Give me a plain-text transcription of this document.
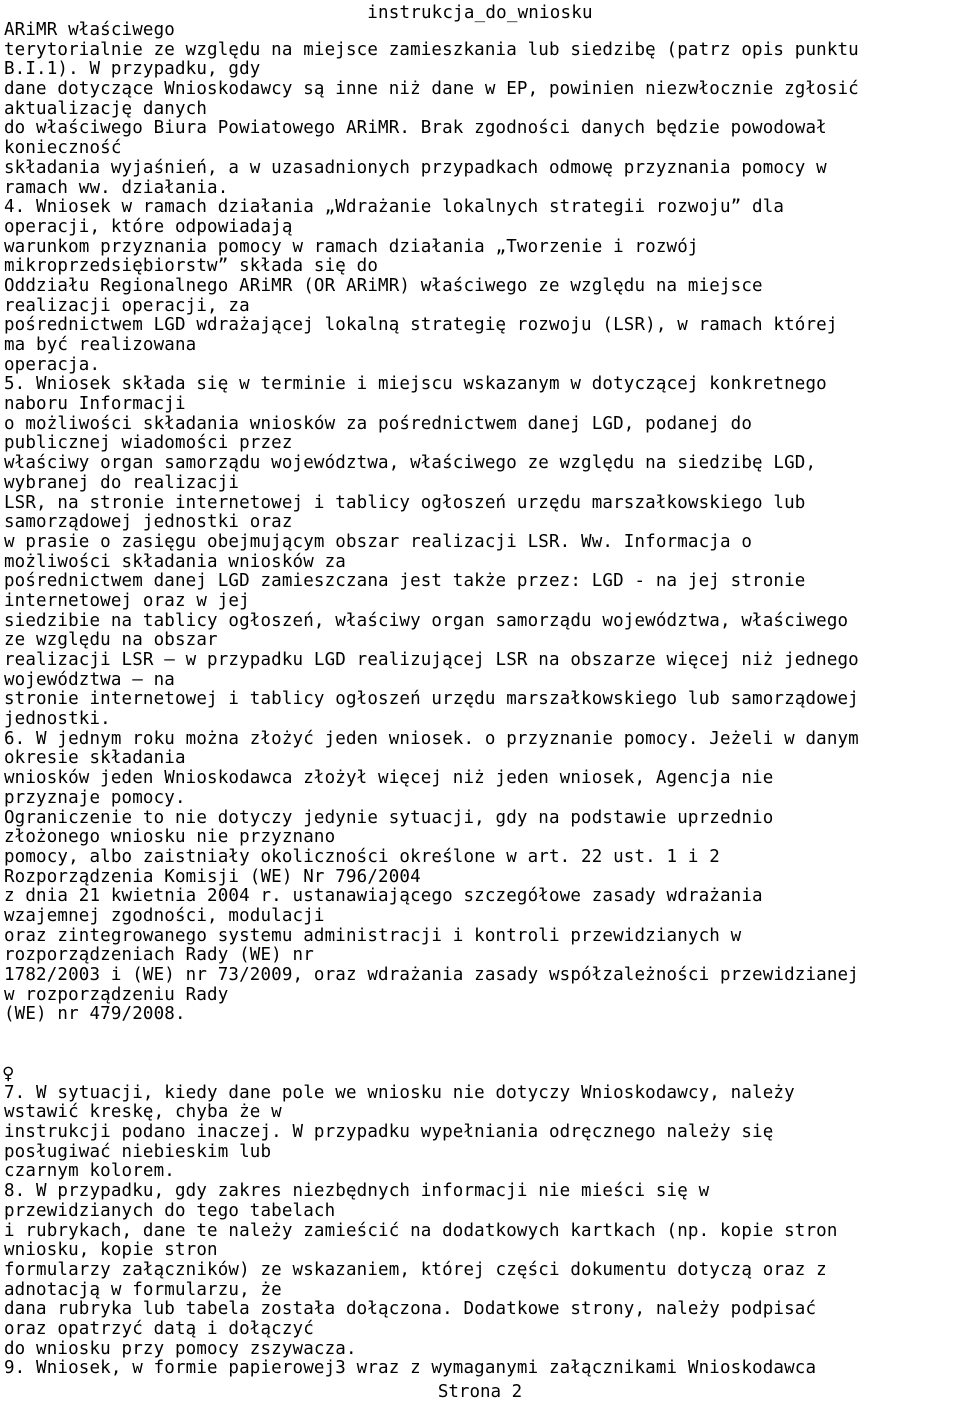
instrukcja_do_wniosku
ARiMR właściwego
terytorialnie ze względu na miejsce zamieszkania lub siedzibę (patrz opis punktu
B.I.1). W przypadku, gdy
dane dotyczące Wnioskodawcy są inne niż dane w EP, powinien niezwłocznie zgłosić
aktualizację danych
do właściwego Biura Powiatowego ARiMR. Brak zgodności danych będzie powodował
konieczność
składania wyjaśnień, a w uzasadnionych przypadkach odmowę przyznania pomocy w
ramach ww. działania.
4. Wniosek w ramach działania „Wdrażanie lokalnych strategii rozwoju” dla
operacji, które odpowiadają
warunkom przyznania pomocy w ramach działania „Tworzenie i rozwój
mikroprzedsiębiorstw” składa się do
Oddziału Regionalnego ARiMR (OR ARiMR) właściwego ze względu na miejsce
realizacji operacji, za
pośrednictwem LGD wdrażającej lokalną strategię rozwoju (LSR), w ramach której
ma być realizowana
operacja.
5. Wniosek składa się w terminie i miejscu wskazanym w dotyczącej konkretnego
naboru Informacji
o możliwości składania wniosków za pośrednictwem danej LGD, podanej do
publicznej wiadomości przez
właściwy organ samorządu województwa, właściwego ze względu na siedzibę LGD,
wybranej do realizacji
LSR, na stronie internetowej i tablicy ogłoszeń urzędu marszałkowskiego lub
samorządowej jednostki oraz
w prasie o zasięgu obejmującym obszar realizacji LSR. Ww. Informacja o
możliwości składania wniosków za
pośrednictwem danej LGD zamieszczana jest także przez: LGD - na jej stronie
internetowej oraz w jej
siedzibie na tablicy ogłoszeń, właściwy organ samorządu województwa, właściwego
ze względu na obszar
realizacji LSR – w przypadku LGD realizującej LSR na obszarze więcej niż jednego
województwa – na
stronie internetowej i tablicy ogłoszeń urzędu marszałkowskiego lub samorządowej
jednostki.
6. W jednym roku można złożyć jeden wniosek. o przyznanie pomocy. Jeżeli w danym
okresie składania
wniosków jeden Wnioskodawca złożył więcej niż jeden wniosek, Agencja nie
przyznaje pomocy.
Ograniczenie to nie dotyczy jedynie sytuacji, gdy na podstawie uprzednio
złożonego wniosku nie przyznano
pomocy, albo zaistniały okoliczności określone w art. 22 ust. 1 i 2
Rozporządzenia Komisji (WE) Nr 796/2004
z dnia 21 kwietnia 2004 r. ustanawiającego szczegółowe zasady wdrażania
wzajemnej zgodności, modulacji
oraz zintegrowanego systemu administracji i kontroli przewidzianych w
rozporządzeniach Rady (WE) nr
1782/2003 i (WE) nr 73/2009, oraz wdrażania zasady współzależności przewidzianej
w rozporządzeniu Rady
(WE) nr 479/2008.
♀
7. W sytuacji, kiedy dane pole we wniosku nie dotyczy Wnioskodawcy, należy
wstawić kreskę, chyba że w
instrukcji podano inaczej. W przypadku wypełniania odręcznego należy się
posługiwać niebieskim lub
czarnym kolorem.
8. W przypadku, gdy zakres niezbędnych informacji nie mieści się w
przewidzianych do tego tabelach
i rubrykach, dane te należy zamieścić na dodatkowych kartkach (np. kopie stron
wniosku, kopie stron
formularzy załączników) ze wskazaniem, której części dokumentu dotyczą oraz z
adnotacją w formularzu, że
dana rubryka lub tabela została dołączona. Dodatkowe strony, należy podpisać
oraz opatrzyć datą i dołączyć
do wniosku przy pomocy zszywacza.
9. Wniosek, w formie papierowej3 wraz z wymaganymi załącznikami Wnioskodawca
Strona 2
